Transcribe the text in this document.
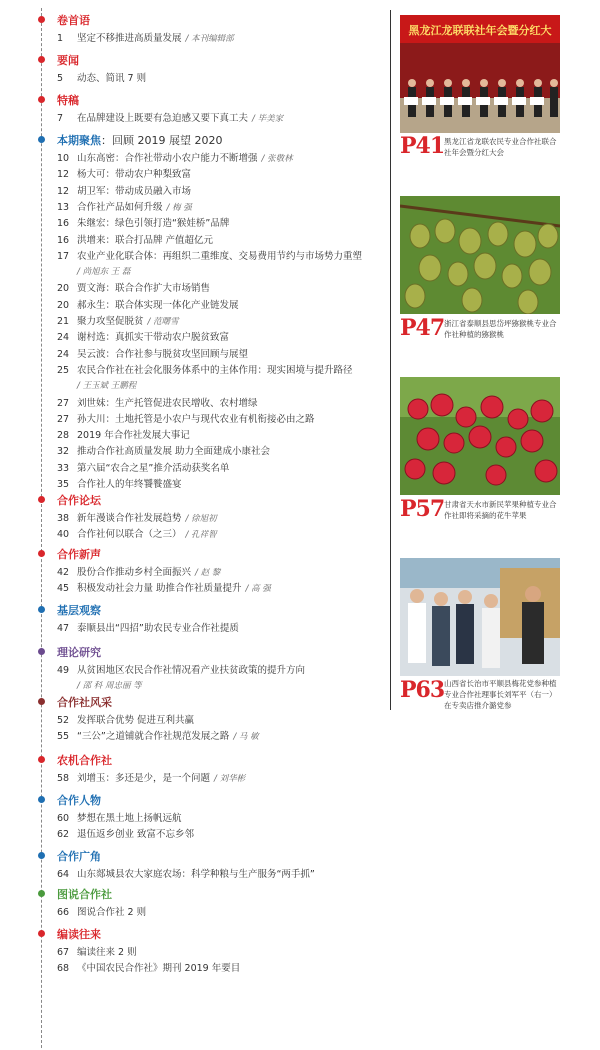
卷首语
1	坚定不移推进高质量发展 / 本刊编辑部
要闻
5	动态、简讯 7 则
特稿
7	在品牌建设上既要有急迫感又要下真工夫 / 毕美家
本期聚焦：回顾 2019 展望 2020
10 山东高密：合作社带动小农户能力不断增强 / 张敬林
12 杨大可：带动农户种梨致富
12 胡卫军：带动成员融入市场
13 合作社产品如何升级 / 梅 强
16 朱继宏：绿色引领打造“猴娃桥”品牌
16 洪增来：联合打品牌 产值超亿元
17 农业产业化联合体：再组织二重维度、交易费用节约与市场势力重塑
/ 尚旭东 王 磊
20 贾文海：联合合作扩大市场销售
20 郝永生：联合体实现一体化产业链发展
21 聚力攻坚促脱贫 / 范曙雪
24 谢村选：真抓实干带动农户脱贫致富
24 吴云波：合作社参与脱贫攻坚回顾与展望
25 农民合作社在社会化服务体系中的主体作用：现实困境与提升路径
/ 王玉斌 王鹏程
27 刘世妹：生产托管促进农民增收、农村增绿
27 孙大川：土地托管是小农户与现代农业有机衔接必由之路
28 2019 年合作社发展大事记
32 推动合作社高质量发展 助力全面建成小康社会
33 第六届“农合之星”推介活动获奖名单
35 合作社人的年终饕餮盛宴
合作论坛
38 新年漫谈合作社发展趋势 / 徐旭初
40 合作社何以联合（之三） / 孔祥智
合作新声
42 股份合作推动乡村全面振兴 / 赵 黎
45 积极发动社会力量 助推合作社质量提升 / 高 强
基层观察
47 泰顺县出“四招”助农民专业合作社提质
理论研究
49 从贫困地区农民合作社情况看产业扶贫政策的提升方向
/ 邵 科 周忠丽 等
合作社风采
52 发挥联合优势 促进互利共赢
55 “三公”之道铺就合作社规范发展之路 / 马 敏
农机合作社
58 刘增玉：多还是少，是一个问题 / 刘华彬
合作人物
60 梦想在黑土地上扬帆远航
62 退伍返乡创业 致富不忘乡邻
合作广角
64 山东郯城县农大家庭农场：科学种粮与生产服务“两手抓”
图说合作社
66 图说合作社 2 则
编读往来
67 编读往来 2 则
68 《中国农民合作社》期刊 2019 年要目
黑龙江龙联联社年会暨分红大
P41 黑龙江省龙联农民专业合作社联合社年会暨分红大会
P47 浙江省泰顺县思岱坪猕猴桃专业合作社种植的猕猴桃
P57 甘肃省天水市新民苹果种植专业合作社即将采摘的花牛苹果
P63 山西省长治市平顺县梅花党参种植专业合作社理事长刘军平（右一）在专卖店推介潞党参
